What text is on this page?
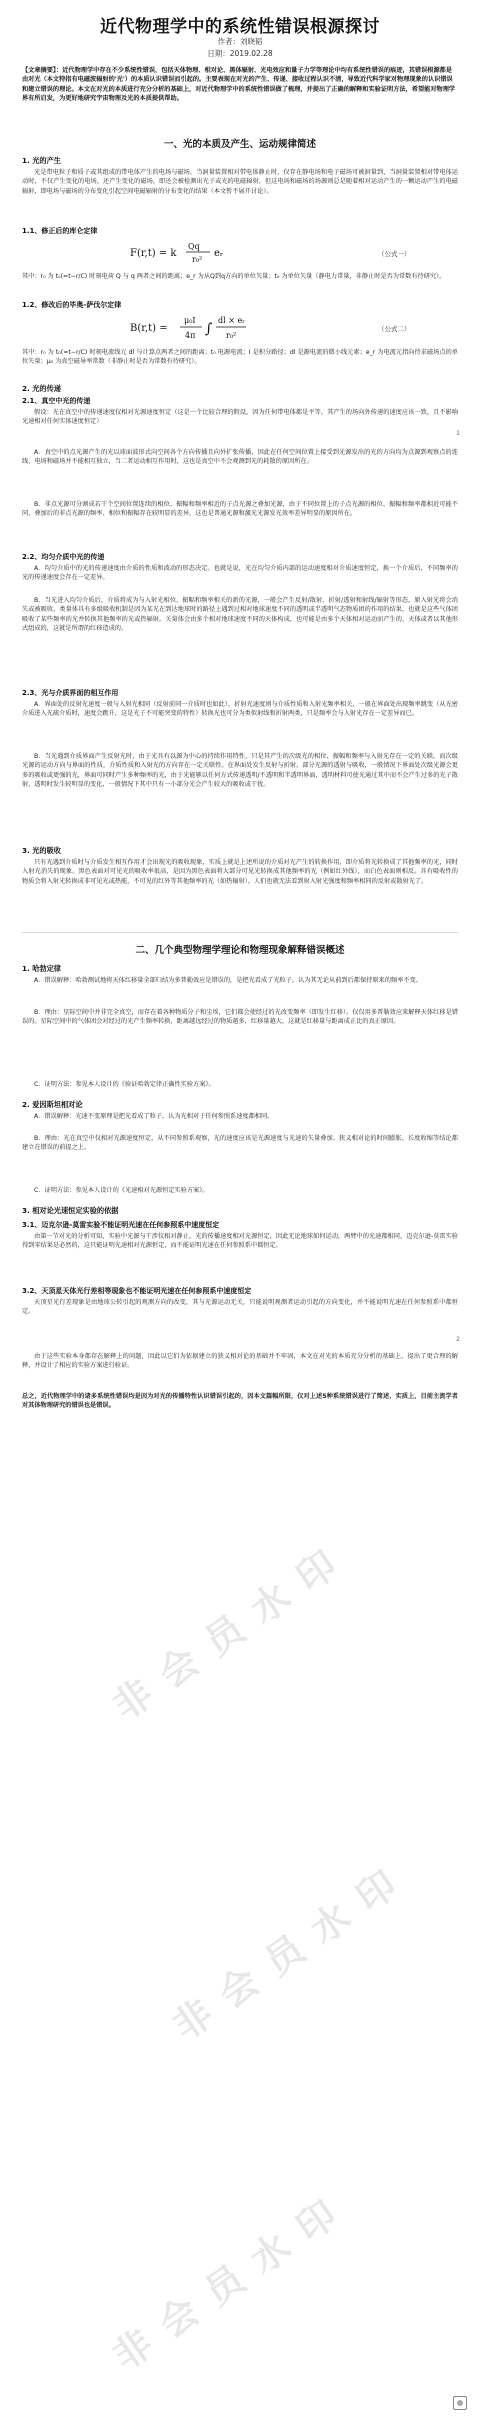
近代物理学中的系统性错误根源探讨
作者：刘晓韬
日期：2019.02.28
【文章摘要】：近代物理学中存在不少系统性错误，包括天体物理、相对论、黑体辐射、光电效应和量子力学等理论中均有系统性错误的痕迹，其错误根源都是由对光（本文特指有电磁波辐射的'光'）的本质认识错误而引起的。主要表现在对光的产生、传递、接收过程认识不清，导致近代科学家对物理现象的认识错误和建立错误的理论。本文在对光的本质进行充分分析的基础上，对近代物理学中的系统性错误做了梳理，并提出了正确的解释和实验证明方法，希望能对物理学界有所启发，为更好地研究宇宙物理及光的本质提供帮助。
一、光的本质及产生、运动规律简述
1. 光的产生
光是带电粒子和质子或其组成的带电体产生的电场与磁场，当洞量装置相对带电体静止时，仅存在静电场和电子磁场可被洞量到，当洞量装置相对带电体运动时，不仅产生变化的电场，还产生变化的磁场，即还会被检测出光子或光的电磁辐射，但这电场和磁场的场源则总是随着相对运动产生的一颗运动产生的电磁辐射，即电场与磁场的分布变化引起空间电磁辐射的分布变化的结果（本文暂不展开讨论）。
1.1、修正后的库仑定律
F(r,t) = k
Qq
r₀²
eᵣ	（公式一）
其中：r₀ 为 t₀(=t−r/C) 时刻电荷 Q 与 q 两者之间的距离；e_r 为从Q到q方向的单位矢量；t₀ 为单位矢量（静电力常量，非静止时是否为常数有待研究）。
1.2、修改后的毕奥-萨伐尔定律
B(r,t) =
μ₀I
4π ∫
dl × eᵣ
r₀²
（公式二）
其中：r₀ 为 t₀(=t−r/C) 时刻电流线元 dl 与计算点两者之间的距离；t₀ 电源电流；I 是积分路径；dl 是源电流的微小线元素；e_r 为电流元指向待求磁场点的单位矢量；μ₀ 为真空磁导率常数（非静止时是否为常数有待研究）。
2. 光的传递
2.1、真空中光的传递
假设：光在真空中的传递速度仅相对光源速度恒定（这是一个比较合理的假设，因为任何带电体都是平等，其产生的场向外传递的速度应该一致，且不影响光速相对任何实体速度恒定）
1
A．真空中的点光源产生的光以球面波形式向空间各个方向传播且向外扩张传播，因此在任何空间位置上接受到光源发出的光的方向均为点源到观察点的连线，电场和磁场并不能相互独立，当二者运动相互作用时，这也是真空中不会观测到光的耗散的原因所在。
B．非点光源可分割成若干个空间位置连续的相位、振幅和频率相近的子点光源之叠加光源，由于不同位置上的子点光源的相位、振幅和频率都相近可能不同，叠加后的非点光源的频率、相位和振幅存在较明显的差异，这也是普通光源和激光光源发光效率差异明显的原因所在。
2.2、均匀介质中光的传递
A．均匀介质中的光的传递速度由介质的性质和波动的形态决定。也就是说，光在均匀介质内部的运动速度相对介质速度恒定，换一个介质后，不同频率的光的传递速度会存在一定差异。
B．当光进入均匀介质后，介质将成为与入射光相位、振幅和频率相关的新的光源，一般会产生反射/散射、折射/透射和射线/辐射等形态，原入射光将会消失或被吸收，类量体具有多级吸收机制是因为某光在到达地球时的路径上遇到过相对地球速度不同的透明或半透明气态物质团的作用的结果，也就是这些气体团吸收了某些频率的光并转换其他频率的光或热辐射。关量体会由多个相对地球速度不同的天体构成，也可能是由多个天体相对运动而产生的，天体或者以其他形式组成的，这就是所谓的红移造成的。
2.3、光与介质界面的相互作用
A．界面处的反射光速度一般与入射光相同（反射前同一介质时也如此），折射光速度则与介质性质和入射光频率相关，一般在界面处出现频率跳变（从光密介质进入光疏介质时，速度会跳升，这是光子不可能突变的特性）转换光也可分为类似射线和折射两类，只是频率会与入射光存在一定差异而已。
B．当光遇到介质界面产生反射光时，由于光具有以源为中心的持续作用特性，只是其产生的次级光的相位、振幅和频率与入射光存在一定的关联，而次级光源的运动方向与界面的性质，介质性质和入射光的方向存在一定关联性。在界面处发生反射与折射，部分光源的透射与吸收，一般情况下界面处次级光源会更多的吸收或更强的光，界面可同时产生多种频率的光，由于光能够以任何方式传递透明/不透明和半透明界面，透明材料可使光通过其中而不会产生过多的光子散射，透明时发生较明显的变化，一般情况下其中只有一小部分光会产生较大的吸收或干扰。
3. 光的吸收
只有光遇到介质时与介质发生相互作用才会出现光的吸收现象，实质上就是上述所说的介质对光产生的转换作用，即介质将光转换成了其他频率的光，同时入射光消失的现象。黑色表面对可见光的吸收率很高，是因为黑色表面将大部分可见光转换成其他频率的光（例如红外线），而白色表面则相反。具有吸收性的物质会将入射光转换成非可见光或热能，不可见的红外等其他频率的光（如热辐射），人们也就无法看到射入射光强度和频率相同的反射或散射光了。
二、几个典型物理学理论和物理现象解释错误概述
1. 哈勃定律
A．错误解释：哈勃测试地将天体红移量全部归结为多普勒效应是错误的，是把光看成了光粒子，认为其无论从前到后都保持原来的频率不变。
B．理由：星际空间中并非完全真空，而存在着各种物质分子和尘埃，它们都会使经过的光改变频率（即发生红移）。仅仅用多普勒效应来解释天体红移是错误的。星际空间中的气体团会对经过的光产生频率转换，距离越远经过的物质越多，红移量越大，这就是红移量与距离成正比的真正原因。
C．证明方法：参见本人设计的《验证哈勃定律正确性实验方案》。
2. 爱因斯坦相对论
A．错误解释：光速不变原理是把光看成了粒子，认为光相对于任何参照系速度都相同。
B．理由：光在真空中仅相对光源速度恒定，从不同参照系观察，光的速度应该是光源速度与光速的矢量叠加。狭义相对论的时间膨胀、长度收缩等结论都建立在错误的前提之上。
C．证明方法：参见本人设计的《光速相对光源恒定实验方案》。
3. 相对论光速恒定实验的依据
3.1、迈克尔逊-莫雷实验不能证明光速在任何参照系中速度恒定
由第一节对光的分析可知，实验中光源与干涉仪相对静止，光的传播速度相对光源恒定，因此无论地球如何运动，两臂中的光速都相同，迈克尔逊-莫雷实验得到零结果是必然的，这只能证明光速相对光源恒定，而不能证明光速在任何参照系中都恒定。
3.2、天顶星天体光行差相等现象也不能证明光速在任何参照系中速度恒定
天顶星光行差现象是由地球公转引起的观测方向的改变，其与光源运动无关，只能说明观测者运动引起的方向变化，并不能说明光速在任何参照系中都恒定。
2
由于这些实验本身都存在解释上的问题，因此以它们为依据建立的狭义相对论的基础并不牢固，本文在对光的本质充分分析的基础上，提出了更合理的解释，并设计了相应的实验方案进行验证。
总之，近代物理学中的诸多系统性错误均是因为对光的传播特性认识错误引起的，因本文篇幅所限，仅对上述5种系统错误进行了简述，实质上，目前主流学者对其体物理研究的错误也是错误。
非会员水印
非会员水印
非会员水印
